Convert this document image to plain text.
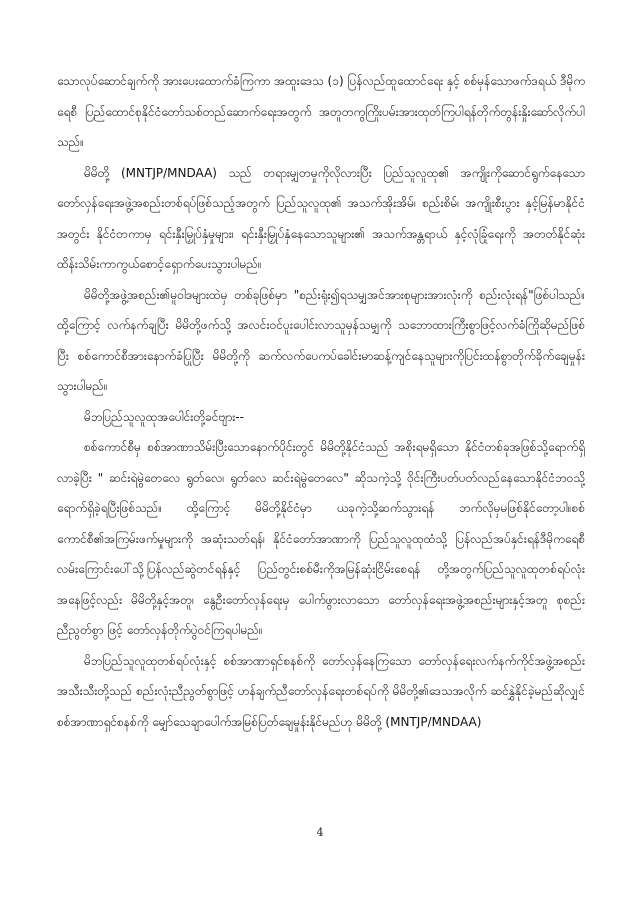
သောလုပ်ဆောင်ချက်ကို အားပေးထောက်ခံကြကာ အထူးဒေသ (၁) ပြန်လည်ထူထောင်ရေး နှင့် စစ်မှန်သောဖက်ဒရယ် ဒီမိုကရေစီ ပြည်ထောင်စုနိုင်ငံတော်သစ်တည်ဆောက်ရေးအတွက် အတူတကွကြိုးပမ်းအားထုတ်ကြပါရန်တိုက်တွန်းနှိုးဆော်လိုက်ပါသည်။

မိမိတို့ (MNTJP/MNDAA) သည် တရားမျှတမှုကိုလိုလားပြီး ပြည်သူလူထု၏ အကျိုးကိုဆောင်ရွက်နေသောတော်လှန်ရေးအဖွဲ့အစည်းတစ်ရပ်ဖြစ်သည့်အတွက် ပြည်သူလူထု၏ အသက်အိုးအိမ်၊ စည်းစိမ်၊ အကျိုးစီးပွား နှင့်မြန်မာနိုင်ငံအတွင်း နိုင်ငံတကာမှ ရင်းနှီးမြှုပ်နှံမှုများ၊ ရင်းနှီးမြှုပ်နှံနေသောသူများ၏ အသက်အန္တရာယ် နှင့်လုံခြုံရေးကို အတတ်နိုင်ဆုံး ထိန်းသိမ်းကာကွယ်စောင့်ရှောက်ပေးသွားပါမည်။

မိမိတို့အဖွဲ့အစည်း၏မူဝါဒများထဲမှ တစ်ခုဖြစ်မှာ "စည်းရုံး၍ရသမျှအင်အားစုများအားလုံးကို စည်းလုံးရန်"ဖြစ်ပါသည်။ ထို့ကြောင့် လက်နက်ချပြီး မိမိတို့ဖက်သို့ အလင်းဝင်ပူးပေါင်းလာသူမှန်သမျှကို သဘောထားကြီးစွာဖြင့်လက်ခံကြိုဆိုမည်ဖြစ်ပြီး စစ်ကောင်စီအားနောက်ခံပြုပြီး မိမိတို့ကို ဆက်လက်ပေကပ်ခေါင်းမာဆန့်ကျင်နေသူများကိုပြင်းထန်စွာတိုက်ခိုက်ချေမှုန်းသွားပါမည်။

မိဘပြည်သူလူထုအပေါင်းတို့ခင်ဗျား--

စစ်ကောင်စီမှ စစ်အာဏာသိမ်းပြီးသောနောက်ပိုင်းတွင် မိမိတို့နိုင်ငံသည် အစိုးရမရှိသော နိုင်ငံတစ်ခုအဖြစ်သို့ရောက်ရှိလာခဲ့ပြီး " ဆင်းရဲမွဲတေလေ ရွတ်လေ၊ ရွတ်လေ ဆင်းရဲမွဲတေလေ" ဆိုသကဲ့သို့ ဝိုင်းကြီးပတ်ပတ်လည်နေသောနိုင်ငံဘဝသို့ ရောက်ရှိခဲ့ရပြီးဖြစ်သည်။ ထို့ကြောင့် မိမိတို့နိုင်ငံမှာ ယခုကဲ့သို့ဆက်သွားရန် ဘက်လိုမှမဖြစ်နိုင်တော့ပါ။စစ်ကောင်စီ၏အကြမ်းဖက်မှုများကို အဆုံးသတ်ရန်၊ နိုင်ငံတော်အာဏာကို ပြည်သူလူထုထံသို့ ပြန်လည်အပ်နှင်းရန်ဒီမိုကရေစီလမ်းကြောင်းပေါ်သို့ပြန်လည်ဆွဲတင်ရန်နှင့် ပြည်တွင်းစစ်မီးကိုအမြန်ဆုံးငြိမ်းစေရန် တို့အတွက်ပြည်သူလူထုတစ်ရပ်လုံးအနေဖြင့်လည်း မိမိတို့နှင့်အတူ၊ နွေဦးတော်လှန်ရေးမှ ပေါက်ဖွားလာသော တော်လှန်ရေးအဖွဲ့အစည်းများနှင့်အတူ စုစည်းညီညွတ်စွာ ဖြင့် တော်လှန်တိုက်ပွဲဝင်ကြရပါမည်။

မိဘပြည်သူလူထုတစ်ရပ်လုံးနှင့် စစ်အာဏာရှင်စနစ်ကို တော်လှန်နေကြသော တော်လှန်ရေးလက်နက်ကိုင်အဖွဲ့အစည်းအသီးသီးတို့သည် စည်းလုံးညီညွတ်စွာဖြင့် ဟန်ချက်ညီတော်လှန်ရေးတစ်ရပ်ကို မိမိတို့၏ဒေသအလိုက် ဆင်နွှဲနိုင်ခဲ့မည်ဆိုလျှင် စစ်အာဏာရှင်စနစ်ကို မျှော်သေချာပေါက်အမြစ်ပြတ်ချေမှုန်းနိုင်မည်ဟု မိမိတို့ (MNTJP/MNDAA)

4
